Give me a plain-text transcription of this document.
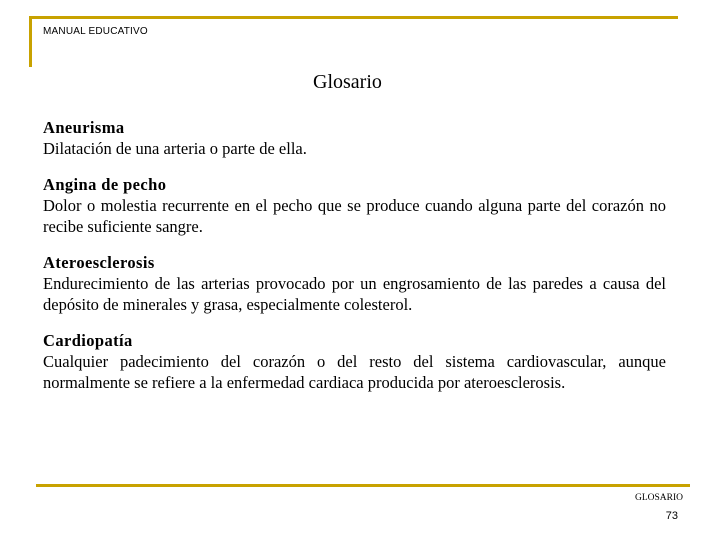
MANUAL EDUCATIVO
Glosario
Aneurisma
Dilatación de una arteria o parte de ella.
Angina de pecho
Dolor o molestia recurrente en el pecho que se produce cuando alguna parte del corazón no recibe suficiente sangre.
Ateroesclerosis
Endurecimiento de las arterias provocado por un engrosamiento de las paredes a causa del depósito de minerales y grasa, especialmente colesterol.
Cardiopatía
Cualquier padecimiento del corazón o del resto del sistema cardiovascular, aunque normalmente se refiere a la enfermedad cardiaca producida por ateroesclerosis.
GLOSARIO
73
